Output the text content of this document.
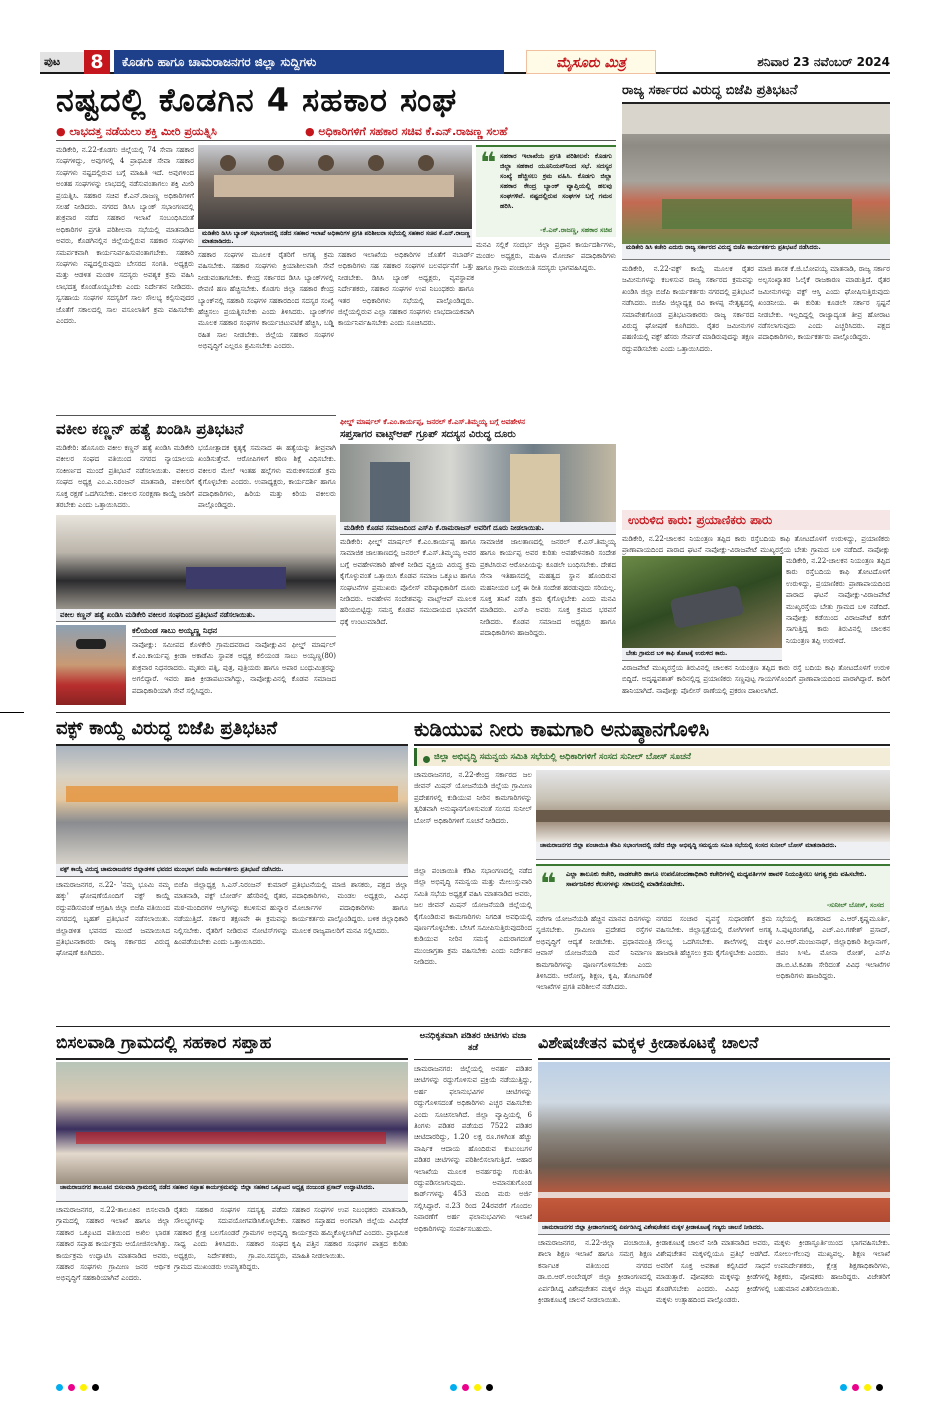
ಪುಟ	8	ಕೊಡಗು ಹಾಗೂ ಚಾಮರಾಜನಗರ ಜಿಲ್ಲಾ ಸುದ್ದಿಗಳು	ಮೈಸೂರು ಮಿತ್ರ	ಶನಿವಾರ 23 ನವೆಂಬರ್ 2024
ನಷ್ಟದಲ್ಲಿ ಕೊಡಗಿನ 4 ಸಹಕಾರ ಸಂಘ
● ಲಾಭದತ್ತ ನಡೆಯಲು ಶಕ್ತಿ ಮೀರಿ ಪ್ರಯತ್ನಿಸಿ	● ಅಧಿಕಾರಿಗಳಿಗೆ ಸಹಕಾರ ಸಚಿವ ಕೆ.ಎನ್.ರಾಜಣ್ಣ ಸಲಹೆ
ಮಡಿಕೇರಿ, ನ.22-ಕೊಡಗು ಜಿಲ್ಲೆಯಲ್ಲಿ 74 ಸೇವಾ ಸಹಕಾರ ಸಂಘಗಳಿದ್ದು, ಅವುಗಳಲ್ಲಿ 4 ಪ್ರಾಥಮಿಕ ಸೇವಾ ಸಹಕಾರ ಸಂಘಗಳು ನಷ್ಟದಲ್ಲಿರುವ ಬಗ್ಗೆ ಮಾಹಿತಿ ಇದೆ. ಅವುಗಳಿಂದ ಅಂತಹ ಸಂಘಗಳನ್ನು ಲಾಭದಲ್ಲಿ ನಡೆಸುವಂತಾಗಲು ಶಕ್ತಿ ಮೀರಿ ಪ್ರಯತ್ನಿಸಿ. ಸಹಕಾರ ಸಚಿವ ಕೆ.ಎನ್.ರಾಜಣ್ಣ ಅಧಿಕಾರಿಗಳಿಗೆ ಸಲಹೆ ನೀಡಿದರು. ನಗರದ ಡಿಸಿಸಿ ಬ್ಯಾಂಕ್ ಸಭಾಂಗಣದಲ್ಲಿ ಶುಕ್ರವಾರ ನಡೆದ ಸಹಕಾರ ಇಲಾಖೆ ಸಂಬಂಧಿಸಿದಂತೆ ಅಧಿಕಾರಿಗಳ ಪ್ರಗತಿ ಪರಿಶೀಲನಾ ಸಭೆಯಲ್ಲಿ ಮಾತನಾಡಿದ ಅವರು, ಕೊಡಗಿನಲ್ಲಿನ ಜಿಲ್ಲೆಯಲ್ಲಿರುವ ಸಹಕಾರ ಸಂಘಗಳು ಸಮರ್ಪಕವಾಗಿ ಕಾರ್ಯನಿರ್ವಹಿಸುವಂತಾಗಬೇಕು. ಸಹಕಾರಿ ಸಂಘಗಳು ನಷ್ಟದಲ್ಲಿರುವುದು ಬೇಸರದ ಸಂಗತಿ. ಅಧ್ಯಕ್ಷರು ಮತ್ತು ಆಡಳಿತ ಮಂಡಳಿ ಸದಸ್ಯರು ಅವಶ್ಯಕ ಕ್ರಮ ವಹಿಸಿ ಲಾಭದತ್ತ ಕೊಂಡೊಯ್ಯಬೇಕು ಎಂದು ನಿರ್ದೇಶನ ನೀಡಿದರು. ಸ್ವಸಹಾಯ ಸಂಘಗಳ ಸದಸ್ಯರಿಗೆ ಸಾಲ ಸೌಲಭ್ಯ ಕಲ್ಪಿಸುವುದರ ಜೊತೆಗೆ ಸಕಾಲದಲ್ಲಿ ಸಾಲ ವಸೂಲಾತಿಗೆ ಕ್ರಮ ವಹಿಸಬೇಕು ಎಂದರು.
ಮಡಿಕೇರಿ ಡಿಸಿಸಿ ಬ್ಯಾಂಕ್ ಸಭಾಂಗಣದಲ್ಲಿ ನಡೆದ ಸಹಕಾರ ಇಲಾಖೆ ಅಧಿಕಾರಿಗಳ ಪ್ರಗತಿ ಪರಿಶೀಲನಾ ಸಭೆಯಲ್ಲಿ ಸಹಕಾರ ಸಚಿವ ಕೆ.ಎನ್.ರಾಜಣ್ಣ ಮಾತನಾಡಿದರು.
❝ ಸಹಕಾರ ಇಲಾಖೆಯ ಪ್ರಗತಿ ಪರಿಶೀಲನೆ: ಕೊಡಗು ಜಿಲ್ಲಾ ಸಹಕಾರ ಯೂನಿಯನ್‌ನಿಂದ ಸಭೆ. ಸದಸ್ಯರ ಸಂಖ್ಯೆ ಹೆಚ್ಚಿಸಲು ಕ್ರಮ ವಹಿಸಿ. ಕೊಡಗು ಜಿಲ್ಲಾ ಸಹಕಾರ ಕೇಂದ್ರ ಬ್ಯಾಂಕ್ ವ್ಯಾಪ್ತಿಯಲ್ಲಿ ಹಲವು ಸಂಘಗಳಿವೆ. ನಷ್ಟದಲ್ಲಿರುವ ಸಂಘಗಳ ಬಗ್ಗೆ ಗಮನ ಹರಿಸಿ.
-ಕೆ.ಎನ್.ರಾಜಣ್ಣ, ಸಹಕಾರ ಸಚಿವ
ಸಹಕಾರ ಸಂಘಗಳ ಮೂಲಕ ರೈತರಿಗೆ ಅಗತ್ಯ ಕ್ರಮ ವಹಿಸಬೇಕು. ಸಹಕಾರ ಸಂಘಗಳು ಕ್ರಿಯಾಶೀಲವಾಗಿ ಸೇವೆ ನೀಡುವಂತಾಗಬೇಕು. ಕೇಂದ್ರ ಸರ್ಕಾರದ ಡಿಸಿಸಿ ಬ್ಯಾಂಕ್‌ಗಳಲ್ಲಿ ಠೇವಣಿ ಹಣ ಹೆಚ್ಚಿಸಬೇಕು. ಕೊಡಗು ಜಿಲ್ಲಾ ಸಹಕಾರ ಕೇಂದ್ರ ಬ್ಯಾಂಕ್‌ನಲ್ಲಿ ಸಹಕಾರಿ ಸಂಘಗಳ ಸಹಕಾರದಿಂದ ಸದಸ್ಯರ ಸಂಖ್ಯೆ ಹೆಚ್ಚಿಸಲು ಪ್ರಯತ್ನಿಸಬೇಕು ಎಂದು ತಿಳಿಸಿದರು. ಬ್ಯಾಂಕ್‌ಗಳ ಮೂಲಕ ಸಹಕಾರ ಸಂಘಗಳ ಕಾರ್ಯಚಟುವಟಿಕೆ ಹೆಚ್ಚಿಸಿ, ಬಡ್ಡಿ ರಹಿತ ಸಾಲ ನೀಡಬೇಕು. ಜಿಲ್ಲೆಯ ಸಹಕಾರ ಸಂಘಗಳ ಅಭಿವೃದ್ಧಿಗೆ ಎಲ್ಲರೂ ಶ್ರಮಿಸಬೇಕು ಎಂದರು.
ಸಹಕಾರ ಇಲಾಖೆಯ ಅಧಿಕಾರಿಗಳ ಜೊತೆಗೆ ನಬಾರ್ಡ್ ಅಧಿಕಾರಿಗಳು ಸಹ ಸಹಕಾರ ಸಂಘಗಳ ಬಲವರ್ಧನೆಗೆ ಒತ್ತು ನೀಡಬೇಕು. ಡಿಸಿಸಿ ಬ್ಯಾಂಕ್ ಅಧ್ಯಕ್ಷರು, ವ್ಯವಸ್ಥಾಪಕ ನಿರ್ದೇಶಕರು, ಸಹಕಾರ ಸಂಘಗಳ ಉಪ ನಿಬಂಧಕರು ಹಾಗೂ ಇತರ ಅಧಿಕಾರಿಗಳು ಸಭೆಯಲ್ಲಿ ಪಾಲ್ಗೊಂಡಿದ್ದರು. ಜಿಲ್ಲೆಯಲ್ಲಿರುವ ಎಲ್ಲಾ ಸಹಕಾರ ಸಂಘಗಳು ಲಾಭದಾಯಕವಾಗಿ ಕಾರ್ಯನಿರ್ವಹಿಸಬೇಕು ಎಂದು ಸೂಚಿಸಿದರು.
ಮನವಿ ಸಲ್ಲಿಕೆ ಸಂದರ್ಭ ಜಿಲ್ಲಾ ಪ್ರಧಾನ ಕಾರ್ಯದರ್ಶಿಗಳು, ಮಂಡಲ ಅಧ್ಯಕ್ಷರು, ಮಹಿಳಾ ಮೋರ್ಚಾ ಪದಾಧಿಕಾರಿಗಳು ಹಾಗೂ ಗ್ರಾಮ ಪಂಚಾಯಿತಿ ಸದಸ್ಯರು ಭಾಗವಹಿಸಿದ್ದರು.
ರಾಜ್ಯ ಸರ್ಕಾರದ ವಿರುದ್ಧ ಬಿಜೆಪಿ ಪ್ರತಿಭಟನೆ
ಮಡಿಕೇರಿ ಡಿಸಿ ಕಚೇರಿ ಎದುರು ರಾಜ್ಯ ಸರ್ಕಾರದ ವಿರುದ್ಧ ಬಿಜೆಪಿ ಕಾರ್ಯಕರ್ತರು ಪ್ರತಿಭಟನೆ ನಡೆಸಿದರು.
ಮಡಿಕೇರಿ, ನ.22-ವಕ್ಫ್ ಕಾಯ್ದೆ ಮೂಲಕ ರೈತರ ಜಮೀನುಗಳನ್ನು ಕಬಳಿಸುವ ರಾಜ್ಯ ಸರ್ಕಾರದ ಕ್ರಮವನ್ನು ಖಂಡಿಸಿ ಜಿಲ್ಲಾ ಬಿಜೆಪಿ ಕಾರ್ಯಕರ್ತರು ನಗರದಲ್ಲಿ ಪ್ರತಿಭಟನೆ ನಡೆಸಿದರು. ಬಿಜೆಪಿ ಜಿಲ್ಲಾಧ್ಯಕ್ಷ ರವಿ ಕಾಳಪ್ಪ ನೇತೃತ್ವದಲ್ಲಿ ಸಮಾವೇಶಗೊಂಡ ಪ್ರತಿಭಟನಾಕಾರರು ರಾಜ್ಯ ಸರ್ಕಾರದ ವಿರುದ್ಧ ಘೋಷಣೆ ಕೂಗಿದರು. ರೈತರ ಜಮೀನುಗಳ ಪಹಣಿಯಲ್ಲಿ ವಕ್ಫ್ ಹೆಸರು ಸೇರ್ಪಡೆ ಮಾಡಿರುವುದನ್ನು ತಕ್ಷಣ ರದ್ದುಪಡಿಸಬೇಕು ಎಂದು ಒತ್ತಾಯಿಸಿದರು.
ಮಾಜಿ ಶಾಸಕ ಕೆ.ಜಿ.ಬೋಪಯ್ಯ ಮಾತನಾಡಿ, ರಾಜ್ಯ ಸರ್ಕಾರ ಅಲ್ಪಸಂಖ್ಯಾತರ ಓಲೈಕೆ ರಾಜಕಾರಣ ಮಾಡುತ್ತಿದೆ. ರೈತರ ಜಮೀನುಗಳನ್ನು ವಕ್ಫ್ ಆಸ್ತಿ ಎಂದು ಘೋಷಿಸುತ್ತಿರುವುದು ಖಂಡನೀಯ. ಈ ಕುರಿತು ಕೂಡಲೇ ಸರ್ಕಾರ ಸ್ಪಷ್ಟನೆ ನೀಡಬೇಕು. ಇಲ್ಲದಿದ್ದಲ್ಲಿ ರಾಜ್ಯಾದ್ಯಂತ ತೀವ್ರ ಹೋರಾಟ ನಡೆಸಲಾಗುವುದು ಎಂದು ಎಚ್ಚರಿಸಿದರು. ಪಕ್ಷದ ಪದಾಧಿಕಾರಿಗಳು, ಕಾರ್ಯಕರ್ತರು ಪಾಲ್ಗೊಂಡಿದ್ದರು.
ವಕೀಲ ಕಣ್ಣನ್ ಹತ್ಯೆ ಖಂಡಿಸಿ ಪ್ರತಿಭಟನೆ
ಮಡಿಕೇರಿ: ಹೊಸೂರು ವಕೀಲ ಕಣ್ಣನ್ ಹತ್ಯೆ ಖಂಡಿಸಿ ಮಡಿಕೇರಿ ವಕೀಲರ ಸಂಘದ ವತಿಯಿಂದ ನಗರದ ನ್ಯಾಯಾಲಯ ಸಂಕೀರ್ಣದ ಮುಂದೆ ಪ್ರತಿಭಟನೆ ನಡೆಸಲಾಯಿತು. ವಕೀಲರ ಸಂಘದ ಅಧ್ಯಕ್ಷ ಎಂ.ಎ.ನಿರಂಜನ್ ಮಾತನಾಡಿ, ವಕೀಲರಿಗೆ ಸೂಕ್ತ ರಕ್ಷಣೆ ಒದಗಿಸಬೇಕು. ವಕೀಲರ ಸಂರಕ್ಷಣಾ ಕಾಯ್ದೆ ಜಾರಿಗೆ ತರಬೇಕು ಎಂದು ಒತ್ತಾಯಿಸಿದರು.
ಭಯೋತ್ಪಾದಕ ಕೃತ್ಯಕ್ಕೆ ಸಮನಾದ ಈ ಹತ್ಯೆಯನ್ನು ತೀವ್ರವಾಗಿ ಖಂಡಿಸುತ್ತೇವೆ. ಆರೋಪಿಗಳಿಗೆ ಕಠಿಣ ಶಿಕ್ಷೆ ವಿಧಿಸಬೇಕು. ವಕೀಲರ ಮೇಲೆ ಇಂತಹ ಹಲ್ಲೆಗಳು ಮರುಕಳಿಸದಂತೆ ಕ್ರಮ ಕೈಗೊಳ್ಳಬೇಕು ಎಂದರು. ಉಪಾಧ್ಯಕ್ಷರು, ಕಾರ್ಯದರ್ಶಿ ಹಾಗೂ ಪದಾಧಿಕಾರಿಗಳು, ಹಿರಿಯ ಮತ್ತು ಕಿರಿಯ ವಕೀಲರು ಪಾಲ್ಗೊಂಡಿದ್ದರು.
ವಕೀಲ ಕಣ್ಣನ್ ಹತ್ಯೆ ಖಂಡಿಸಿ ಮಡಿಕೇರಿ ವಕೀಲರ ಸಂಘದಿಂದ ಪ್ರತಿಭಟನೆ ನಡೆಸಲಾಯಿತು.
ಕಲಿಯಂಡ ಸಾಬು ಅಯ್ಯಣ್ಣ ನಿಧನ
ನಾಪೋಕ್ಲು: ಸಮೀಪದ ಕೊಳಕೇರಿ ಗ್ರಾಮದವರಾದ ನಾಪೋಕ್ಲುವಿನ ಫೀಲ್ಡ್ ಮಾರ್ಷಲ್ ಕೆ.ಎಂ.ಕಾರ್ಯಪ್ಪ ಕ್ರೀಡಾ ಅಕಾಡೆಮಿ ಸ್ಥಾಪಕ ಅಧ್ಯಕ್ಷ ಕಲಿಯಂಡ ಸಾಬು ಅಯ್ಯಣ್ಣ(80) ಶುಕ್ರವಾರ ನಿಧನರಾದರು. ಮೃತರು ಪತ್ನಿ, ಪುತ್ರ, ಪುತ್ರಿಯರು ಹಾಗೂ ಅಪಾರ ಬಂಧುಮಿತ್ರರನ್ನು ಅಗಲಿದ್ದಾರೆ. ಇವರು ಹಾಕಿ ಕ್ರೀಡಾಪಟುವಾಗಿದ್ದು, ನಾಪೋಕ್ಲುವಿನಲ್ಲಿ ಕೊಡವ ಸಮಾಜದ ಪದಾಧಿಕಾರಿಯಾಗಿ ಸೇವೆ ಸಲ್ಲಿಸಿದ್ದರು.
ಫೀಲ್ಡ್ ಮಾರ್ಷಲ್ ಕೆ.ಎಂ.ಕಾರ್ಯಪ್ಪ, ಜನರಲ್ ಕೆ.ಎಸ್.ತಿಮ್ಮಯ್ಯ ಬಗ್ಗೆ ಅವಹೇಳನ
ಸಪ್ತಸಾಗರ ವಾಟ್ಸ್‌ಆಪ್ ಗ್ರೂಪ್ ಸದಸ್ಯನ ವಿರುದ್ಧ ದೂರು
ಮಡಿಕೇರಿ ಕೊಡವ ಸಮಾಜದಿಂದ ಎಸ್‌ಪಿ ಕೆ.ರಾಮರಾಜನ್ ಅವರಿಗೆ ದೂರು ನೀಡಲಾಯಿತು.
ಮಡಿಕೇರಿ: ಫೀಲ್ಡ್ ಮಾರ್ಷಲ್ ಕೆ.ಎಂ.ಕಾರ್ಯಪ್ಪ ಹಾಗೂ ಸಾಮಾಜಿಕ ಜಾಲತಾಣದಲ್ಲಿ ಜನರಲ್ ಕೆ.ಎಸ್.ತಿಮ್ಮಯ್ಯ ಅವರ ಬಗ್ಗೆ ಅವಹೇಳನಕಾರಿ ಹೇಳಿಕೆ ನೀಡಿದ ವ್ಯಕ್ತಿಯ ವಿರುದ್ಧ ಕ್ರಮ ಕೈಗೊಳ್ಳುವಂತೆ ಒತ್ತಾಯಿಸಿ ಕೊಡವ ಸಮಾಜ ಒಕ್ಕೂಟ ಹಾಗೂ ಸಂಘಟನೆಗಳ ಪ್ರಮುಖರು ಪೊಲೀಸ್ ವರಿಷ್ಠಾಧಿಕಾರಿಗೆ ದೂರು ನೀಡಿದರು. ಅವಹೇಳನ ಸಂದೇಶವನ್ನು ವಾಟ್ಸ್‌ಆಪ್ ಮೂಲಕ ಹರಿಯಬಿಟ್ಟಿದ್ದು ಸಮಸ್ತ ಕೊಡವ ಸಮುದಾಯದ ಭಾವನೆಗೆ ಧಕ್ಕೆ ಉಂಟುಮಾಡಿದೆ.
ಸಾಮಾಜಿಕ ಜಾಲತಾಣದಲ್ಲಿ ಜನರಲ್ ಕೆ.ಎಸ್.ತಿಮ್ಮಯ್ಯ ಹಾಗೂ ಕಾರ್ಯಪ್ಪ ಅವರ ಕುರಿತು ಅವಹೇಳನಕಾರಿ ಸಂದೇಶ ಪ್ರಕಟಿಸಿರುವ ಆರೋಪಿಯನ್ನು ಕೂಡಲೇ ಬಂಧಿಸಬೇಕು. ದೇಶದ ಸೇನಾ ಇತಿಹಾಸದಲ್ಲಿ ಮಹತ್ವದ ಸ್ಥಾನ ಹೊಂದಿರುವ ಮಹನೀಯರ ಬಗ್ಗೆ ಈ ರೀತಿ ಸಂದೇಶ ಹರಡುವುದು ಸರಿಯಲ್ಲ. ಸೂಕ್ತ ತನಿಖೆ ನಡೆಸಿ ಕ್ರಮ ಕೈಗೊಳ್ಳಬೇಕು ಎಂದು ಮನವಿ ಮಾಡಿದರು. ಎಸ್‌ಪಿ ಅವರು ಸೂಕ್ತ ಕ್ರಮದ ಭರವಸೆ ನೀಡಿದರು. ಕೊಡವ ಸಮಾಜದ ಅಧ್ಯಕ್ಷರು ಹಾಗೂ ಪದಾಧಿಕಾರಿಗಳು ಹಾಜರಿದ್ದರು.
ಉರುಳಿದ ಕಾರು: ಪ್ರಯಾಣಿಕರು ಪಾರು
ಮಡಿಕೇರಿ, ನ.22-ಚಾಲಕನ ನಿಯಂತ್ರಣ ತಪ್ಪಿದ ಕಾರು ರಸ್ತೆಬದಿಯ ಕಾಫಿ ತೋಟದೊಳಗೆ ಉರುಳಿದ್ದು, ಪ್ರಯಾಣಿಕರು ಪ್ರಾಣಾಪಾಯದಿಂದ ಪಾರಾದ ಘಟನೆ ನಾಪೋಕ್ಲು-ವಿರಾಜಪೇಟೆ ಮುಖ್ಯರಸ್ತೆಯ ಬೇತು ಗ್ರಾಮದ ಬಳಿ ನಡೆದಿದೆ. ನಾಪೋಕ್ಲು
ಬೇತು ಗ್ರಾಮದ ಬಳಿ ಕಾಫಿ ತೋಟಕ್ಕೆ ಉರುಳಿದ ಕಾರು.
ಮಡಿಕೇರಿ, ನ.22-ಚಾಲಕನ ನಿಯಂತ್ರಣ ತಪ್ಪಿದ ಕಾರು ರಸ್ತೆಬದಿಯ ಕಾಫಿ ತೋಟದೊಳಗೆ ಉರುಳಿದ್ದು, ಪ್ರಯಾಣಿಕರು ಪ್ರಾಣಾಪಾಯದಿಂದ ಪಾರಾದ ಘಟನೆ ನಾಪೋಕ್ಲು-ವಿರಾಜಪೇಟೆ ಮುಖ್ಯರಸ್ತೆಯ ಬೇತು ಗ್ರಾಮದ ಬಳಿ ನಡೆದಿದೆ. ನಾಪೋಕ್ಲು ಕಡೆಯಿಂದ ವಿರಾಜಪೇಟೆ ಕಡೆಗೆ ಸಾಗುತ್ತಿದ್ದ ಕಾರು ತಿರುವಿನಲ್ಲಿ ಚಾಲಕನ ನಿಯಂತ್ರಣ ತಪ್ಪಿ ಉರುಳಿದೆ.
ವಿರಾಜಪೇಟೆ ಮುಖ್ಯರಸ್ತೆಯ ತಿರುವಿನಲ್ಲಿ ಚಾಲಕನ ನಿಯಂತ್ರಣ ತಪ್ಪಿದ ಕಾರು ರಸ್ತೆ ಬದಿಯ ಕಾಫಿ ತೋಟದೊಳಗೆ ಉರುಳಿ ಬಿದ್ದಿದೆ. ಅದೃಷ್ಟವಶಾತ್ ಕಾರಿನಲ್ಲಿದ್ದ ಪ್ರಯಾಣಿಕರು ಸಣ್ಣಪುಟ್ಟ ಗಾಯಗಳೊಂದಿಗೆ ಪ್ರಾಣಾಪಾಯದಿಂದ ಪಾರಾಗಿದ್ದಾರೆ. ಕಾರಿಗೆ ಹಾನಿಯಾಗಿದೆ. ನಾಪೋಕ್ಲು ಪೊಲೀಸ್ ಠಾಣೆಯಲ್ಲಿ ಪ್ರಕರಣ ದಾಖಲಾಗಿದೆ.
ವಕ್ಫ್ ಕಾಯ್ದೆ ವಿರುದ್ಧ ಬಿಜೆಪಿ ಪ್ರತಿಭಟನೆ
ವಕ್ಫ್ ಕಾಯ್ದೆ ವಿರುದ್ಧ ಚಾಮರಾಜನಗರ ಜಿಲ್ಲಾಡಳಿತ ಭವನದ ಮುಂಭಾಗ ಬಿಜೆಪಿ ಕಾರ್ಯಕರ್ತರು ಪ್ರತಿಭಟನೆ ನಡೆಸಿದರು.
ಚಾಮರಾಜನಗರ, ನ.22- 'ನಮ್ಮ ಭೂಮಿ ನಮ್ಮ ಹಕ್ಕು' ಘೋಷಣೆಯೊಂದಿಗೆ ವಕ್ಫ್ ಕಾಯ್ದೆ ರದ್ದುಪಡಿಸುವಂತೆ ಆಗ್ರಹಿಸಿ ಜಿಲ್ಲಾ ಬಿಜೆಪಿ ವತಿಯಿಂದ ನಗರದಲ್ಲಿ ಬೃಹತ್ ಪ್ರತಿಭಟನೆ ನಡೆಸಲಾಯಿತು. ಜಿಲ್ಲಾಡಳಿತ ಭವನದ ಮುಂದೆ ಜಮಾಯಿಸಿದ ಪ್ರತಿಭಟನಾಕಾರರು ರಾಜ್ಯ ಸರ್ಕಾರದ ವಿರುದ್ಧ ಘೋಷಣೆ ಕೂಗಿದರು.
ಬಿಜೆಪಿ ಜಿಲ್ಲಾಧ್ಯಕ್ಷ ಸಿ.ಎಸ್.ನಿರಂಜನ್ ಕುಮಾರ್ ಮಾತನಾಡಿ, ವಕ್ಫ್ ಬೋರ್ಡ್ ಹೆಸರಿನಲ್ಲಿ ರೈತರ, ಮಠ-ಮಂದಿರಗಳ ಆಸ್ತಿಗಳನ್ನು ಕಬಳಿಸುವ ಹುನ್ನಾರ ನಡೆಯುತ್ತಿದೆ. ಸರ್ಕಾರ ತಕ್ಷಣವೇ ಈ ಕ್ರಮವನ್ನು ನಿಲ್ಲಿಸಬೇಕು. ರೈತರಿಗೆ ನೀಡಿರುವ ನೋಟಿಸ್‌ಗಳನ್ನು ಹಿಂಪಡೆಯಬೇಕು ಎಂದು ಒತ್ತಾಯಿಸಿದರು.
ಪ್ರತಿಭಟನೆಯಲ್ಲಿ ಮಾಜಿ ಶಾಸಕರು, ಪಕ್ಷದ ಜಿಲ್ಲಾ ಪದಾಧಿಕಾರಿಗಳು, ಮಂಡಲ ಅಧ್ಯಕ್ಷರು, ವಿವಿಧ ಮೋರ್ಚಾಗಳ ಪದಾಧಿಕಾರಿಗಳು ಹಾಗೂ ಕಾರ್ಯಕರ್ತರು ಪಾಲ್ಗೊಂಡಿದ್ದರು. ಬಳಿಕ ಜಿಲ್ಲಾಧಿಕಾರಿ ಮೂಲಕ ರಾಜ್ಯಪಾಲರಿಗೆ ಮನವಿ ಸಲ್ಲಿಸಿದರು.
ಕುಡಿಯುವ ನೀರು ಕಾಮಗಾರಿ ಅನುಷ್ಠಾನಗೊಳಿಸಿ
$^{ಜಿಲ್ಲಾ ಅಭಿವೃದ್ಧಿ ಸಮನ್ವಯ ಸಮಿತಿ ಸಭೆಯಲ್ಲಿ ಅಧಿಕಾರಿಗಳಿಗೆ ಸಂಸದ ಸುನೀಲ್ ಬೋಸ್ ಸೂಚನೆ}$
ಚಾಮರಾಜನಗರ, ನ.22-ಕೇಂದ್ರ ಸರ್ಕಾರದ ಜಲ ಜೀವನ್ ಮಿಷನ್ ಯೋಜನೆಯಡಿ ಜಿಲ್ಲೆಯ ಗ್ರಾಮೀಣ ಪ್ರದೇಶಗಳಲ್ಲಿ ಕುಡಿಯುವ ನೀರಿನ ಕಾಮಗಾರಿಗಳನ್ನು ತ್ವರಿತವಾಗಿ ಅನುಷ್ಠಾನಗೊಳಿಸುವಂತೆ ಸಂಸದ ಸುನೀಲ್ ಬೋಸ್ ಅಧಿಕಾರಿಗಳಿಗೆ ಸೂಚನೆ ನೀಡಿದರು.
ಚಾಮರಾಜನಗರ ಜಿಲ್ಲಾ ಪಂಚಾಯಿತಿ ಕೆಡಿಪಿ ಸಭಾಂಗಣದಲ್ಲಿ ನಡೆದ ಜಿಲ್ಲಾ ಅಭಿವೃದ್ಧಿ ಸಮನ್ವಯ ಸಮಿತಿ ಸಭೆಯಲ್ಲಿ ಸಂಸದ ಸುನೀಲ್ ಬೋಸ್ ಮಾತನಾಡಿದರು.
❝ ಎಲ್ಲಾ ತಾಲೂಕು ಕಚೇರಿ, ನಾಡಕಚೇರಿ ಹಾಗೂ ಉಪನೋಂದಣಾಧಿಕಾರಿ ಕಚೇರಿಗಳಲ್ಲಿ ಮಧ್ಯವರ್ತಿಗಳ ಹಾವಳಿ ನಿಯಂತ್ರಿಸಲು ಅಗತ್ಯ ಕ್ರಮ ವಹಿಸಬೇಕು. ಸಾರ್ವಜನಿಕರ ಕೆಲಸಗಳನ್ನು ಸಕಾಲದಲ್ಲಿ ಮಾಡಿಕೊಡಬೇಕು.
-ಸುನೀಲ್ ಬೋಸ್, ಸಂಸದ
ಜಿಲ್ಲಾ ಪಂಚಾಯಿತಿ ಕೆಡಿಪಿ ಸಭಾಂಗಣದಲ್ಲಿ ನಡೆದ ಜಿಲ್ಲಾ ಅಭಿವೃದ್ಧಿ ಸಮನ್ವಯ ಮತ್ತು ಮೇಲುಸ್ತುವಾರಿ ಸಮಿತಿ ಸಭೆಯ ಅಧ್ಯಕ್ಷತೆ ವಹಿಸಿ ಮಾತನಾಡಿದ ಅವರು, ಜಲ ಜೀವನ್ ಮಿಷನ್ ಯೋಜನೆಯಡಿ ಜಿಲ್ಲೆಯಲ್ಲಿ ಕೈಗೊಂಡಿರುವ ಕಾಮಗಾರಿಗಳು ನಿಗದಿತ ಅವಧಿಯಲ್ಲಿ ಪೂರ್ಣಗೊಳ್ಳಬೇಕು. ಬೇಸಿಗೆ ಸಮೀಪಿಸುತ್ತಿರುವುದರಿಂದ ಕುಡಿಯುವ ನೀರಿನ ಸಮಸ್ಯೆ ಎದುರಾಗದಂತೆ ಮುಂಜಾಗ್ರತಾ ಕ್ರಮ ವಹಿಸಬೇಕು ಎಂದು ನಿರ್ದೇಶನ ನೀಡಿದರು.
ನರೇಗಾ ಯೋಜನೆಯಡಿ ಹೆಚ್ಚಿನ ಮಾನವ ದಿನಗಳನ್ನು ಸೃಜಿಸಬೇಕು. ಗ್ರಾಮೀಣ ಪ್ರದೇಶದ ರಸ್ತೆಗಳ ಅಭಿವೃದ್ಧಿಗೆ ಆದ್ಯತೆ ನೀಡಬೇಕು. ಪ್ರಧಾನಮಂತ್ರಿ ಆವಾಸ್ ಯೋಜನೆಯಡಿ ಮನೆ ನಿರ್ಮಾಣ ಕಾಮಗಾರಿಗಳನ್ನು ಪೂರ್ಣಗೊಳಿಸಬೇಕು ಎಂದು ತಿಳಿಸಿದರು. ಆರೋಗ್ಯ, ಶಿಕ್ಷಣ, ಕೃಷಿ, ತೋಟಗಾರಿಕೆ ಇಲಾಖೆಗಳ ಪ್ರಗತಿ ಪರಿಶೀಲನೆ ನಡೆಸಿದರು.
ನಗರದ ಸಂಚಾರ ವ್ಯವಸ್ಥೆ ಸುಧಾರಣೆಗೆ ಕ್ರಮ ವಹಿಸಬೇಕು. ಜಿಲ್ಲಾಸ್ಪತ್ರೆಯಲ್ಲಿ ರೋಗಿಗಳಿಗೆ ಅಗತ್ಯ ಸೌಲಭ್ಯ ಒದಗಿಸಬೇಕು. ಶಾಲೆಗಳಲ್ಲಿ ಮಕ್ಕಳ ಹಾಜರಾತಿ ಹೆಚ್ಚಿಸಲು ಕ್ರಮ ಕೈಗೊಳ್ಳಬೇಕು ಎಂದರು.
ಸಭೆಯಲ್ಲಿ ಶಾಸಕರಾದ ಎ.ಆರ್.ಕೃಷ್ಣಮೂರ್ತಿ, ಸಿ.ಪುಟ್ಟರಂಗಶೆಟ್ಟಿ, ಎಚ್.ಎಂ.ಗಣೇಶ್ ಪ್ರಸಾದ್, ಎಂ.ಆರ್.ಮಂಜುನಾಥ್, ಜಿಲ್ಲಾಧಿಕಾರಿ ಶಿಲ್ಪಾನಾಗ್, ಜಿಪಂ ಸಿಇಓ ಮೋನಾ ರೋತ್, ಎಸ್‌ಪಿ ಡಾ.ಬಿ.ಟಿ.ಕವಿತಾ ಸೇರಿದಂತೆ ವಿವಿಧ ಇಲಾಖೆಗಳ ಅಧಿಕಾರಿಗಳು ಹಾಜರಿದ್ದರು.
ಬಿಸಲವಾಡಿ ಗ್ರಾಮದಲ್ಲಿ ಸಹಕಾರ ಸಪ್ತಾಹ
ಚಾಮರಾಜನಗರ ತಾಲೂಕಿನ ಬಿಸಲವಾಡಿ ಗ್ರಾಮದಲ್ಲಿ ನಡೆದ ಸಹಕಾರ ಸಪ್ತಾಹ ಕಾರ್ಯಕ್ರಮವನ್ನು ಜಿಲ್ಲಾ ಸಹಕಾರ ಒಕ್ಕೂಟದ ಅಧ್ಯಕ್ಷ ನಂಜುಂಡ ಪ್ರಸಾದ್ ಉದ್ಘಾಟಿಸಿದರು.
ಚಾಮರಾಜನಗರ, ನ.22-ತಾಲೂಕಿನ ಬಿಸಲವಾಡಿ ಗ್ರಾಮದಲ್ಲಿ ಸಹಕಾರ ಇಲಾಖೆ ಹಾಗೂ ಜಿಲ್ಲಾ ಸಹಕಾರ ಒಕ್ಕೂಟದ ವತಿಯಿಂದ ಅಖಿಲ ಭಾರತ ಸಹಕಾರ ಸಪ್ತಾಹ ಕಾರ್ಯಕ್ರಮ ಆಯೋಜಿಸಲಾಗಿತ್ತು. ಕಾರ್ಯಕ್ರಮ ಉದ್ಘಾಟಿಸಿ ಮಾತನಾಡಿದ ಅವರು, ಸಹಕಾರ ಸಂಘಗಳು ಗ್ರಾಮೀಣ ಜನರ ಆರ್ಥಿಕ ಅಭಿವೃದ್ಧಿಗೆ ಸಹಕಾರಿಯಾಗಿವೆ ಎಂದರು.
ರೈತರು ಸಹಕಾರ ಸಂಘಗಳ ಸದಸ್ಯತ್ವ ಪಡೆದು ಸೌಲಭ್ಯಗಳನ್ನು ಸದುಪಯೋಗಪಡಿಸಿಕೊಳ್ಳಬೇಕು. ಸಹಕಾರ ಕ್ಷೇತ್ರ ಬಲಗೊಂಡರೆ ಗ್ರಾಮಗಳ ಅಭಿವೃದ್ಧಿ ಸಾಧ್ಯ ಎಂದು ತಿಳಿಸಿದರು. ಸಹಕಾರ ಸಂಘದ ಅಧ್ಯಕ್ಷರು, ನಿರ್ದೇಶಕರು, ಗ್ರಾ.ಪಂ.ಸದಸ್ಯರು, ಗ್ರಾಮದ ಮುಖಂಡರು ಉಪಸ್ಥಿತರಿದ್ದರು.
ಸಹಕಾರ ಸಂಘಗಳ ಉಪ ನಿಬಂಧಕರು ಮಾತನಾಡಿ, ಸಹಕಾರ ಸಪ್ತಾಹದ ಅಂಗವಾಗಿ ಜಿಲ್ಲೆಯ ವಿವಿಧೆಡೆ ಕಾರ್ಯಕ್ರಮ ಹಮ್ಮಿಕೊಳ್ಳಲಾಗಿದೆ ಎಂದರು. ಪ್ರಾಥಮಿಕ ಕೃಷಿ ಪತ್ತಿನ ಸಹಕಾರ ಸಂಘಗಳ ಪಾತ್ರದ ಕುರಿತು ಮಾಹಿತಿ ನೀಡಲಾಯಿತು.
ಅನಧಿಕೃತವಾಗಿ ಪಡಿತರ ಚೀಟಿಗಳು ವಜಾ ತಡೆ
ಚಾಮರಾಜನಗರ: ಜಿಲ್ಲೆಯಲ್ಲಿ ಅನರ್ಹ ಪಡಿತರ ಚೀಟಿಗಳನ್ನು ರದ್ದುಗೊಳಿಸುವ ಪ್ರಕ್ರಿಯೆ ನಡೆಯುತ್ತಿದ್ದು, ಅರ್ಹ ಫಲಾನುಭವಿಗಳ ಚೀಟಿಗಳನ್ನು ರದ್ದುಗೊಳಿಸದಂತೆ ಅಧಿಕಾರಿಗಳು ಎಚ್ಚರ ವಹಿಸಬೇಕು ಎಂದು ಸೂಚಿಸಲಾಗಿದೆ. ಜಿಲ್ಲಾ ವ್ಯಾಪ್ತಿಯಲ್ಲಿ 6 ತಿಂಗಳು ಪಡಿತರ ಪಡೆಯದ 7522 ಪಡಿತರ ಚೀಟಿದಾರರಿದ್ದು, 1.20 ಲಕ್ಷ ರೂ.ಗಳಿಗಿಂತ ಹೆಚ್ಚು ವಾರ್ಷಿಕ ಆದಾಯ ಹೊಂದಿರುವ ಕುಟುಂಬಗಳ ಪಡಿತರ ಚೀಟಿಗಳನ್ನು ಪರಿಶೀಲಿಸಲಾಗುತ್ತಿದೆ. ಆಹಾರ ಇಲಾಖೆಯ ಮೂಲಕ ಅನರ್ಹರನ್ನು ಗುರುತಿಸಿ ರದ್ದುಪಡಿಸಲಾಗುವುದು. ಅಮಾನತುಗೊಂಡ ಕಾರ್ಡ್‌ಗಳನ್ನು 453 ಮಂದಿ ಮರು ಅರ್ಜಿ ಸಲ್ಲಿಸಿದ್ದಾರೆ. ನ.23 ರಿಂದ 24ರವರೆಗೆ ಗೊಂದಲ ನಿವಾರಣೆಗೆ ಅರ್ಹ ಫಲಾನುಭವಿಗಳು ಇಲಾಖೆ ಅಧಿಕಾರಿಗಳನ್ನು ಸಂಪರ್ಕಿಸಬಹುದು.
ವಿಶೇಷಚೇತನ ಮಕ್ಕಳ ಕ್ರೀಡಾಕೂಟಕ್ಕೆ ಚಾಲನೆ
ಚಾಮರಾಜನಗರ ಜಿಲ್ಲಾ ಕ್ರೀಡಾಂಗಣದಲ್ಲಿ ಏರ್ಪಡಿಸಿದ್ದ ವಿಶೇಷಚೇತನ ಮಕ್ಕಳ ಕ್ರೀಡಾಕೂಟಕ್ಕೆ ಗಣ್ಯರು ಚಾಲನೆ ನೀಡಿದರು.
ಚಾಮರಾಜನಗರ, ನ.22-ಜಿಲ್ಲಾ ಪಂಚಾಯಿತಿ, ಶಾಲಾ ಶಿಕ್ಷಣ ಇಲಾಖೆ ಹಾಗೂ ಸಮಗ್ರ ಶಿಕ್ಷಣ ಕರ್ನಾಟಕ ವತಿಯಿಂದ ನಗರದ ಡಾ.ಬಿ.ಆರ್.ಅಂಬೇಡ್ಕರ್ ಜಿಲ್ಲಾ ಕ್ರೀಡಾಂಗಣದಲ್ಲಿ ಏರ್ಪಡಿಸಿದ್ದ ವಿಶೇಷಚೇತನ ಮಕ್ಕಳ ಜಿಲ್ಲಾ ಮಟ್ಟದ ಕ್ರೀಡಾಕೂಟಕ್ಕೆ ಚಾಲನೆ ನೀಡಲಾಯಿತು.
ಕ್ರೀಡಾಕೂಟಕ್ಕೆ ಚಾಲನೆ ನೀಡಿ ಮಾತನಾಡಿದ ಅವರು, ವಿಶೇಷಚೇತನ ಮಕ್ಕಳಲ್ಲಿಯೂ ಪ್ರತಿಭೆ ಅಡಗಿದೆ. ಅವರಿಗೆ ಸೂಕ್ತ ಅವಕಾಶ ಕಲ್ಪಿಸಿದರೆ ಸಾಧನೆ ಮಾಡುತ್ತಾರೆ. ಪೋಷಕರು ಮಕ್ಕಳನ್ನು ಕ್ರೀಡೆಗಳಲ್ಲಿ ತೊಡಗಿಸಬೇಕು ಎಂದರು. ವಿವಿಧ ಕ್ರೀಡೆಗಳಲ್ಲಿ ಮಕ್ಕಳು ಉತ್ಸಾಹದಿಂದ ಪಾಲ್ಗೊಂಡರು.
ಮಕ್ಕಳು ಕ್ರೀಡಾಸ್ಫೂರ್ತಿಯಿಂದ ಭಾಗವಹಿಸಬೇಕು. ಸೋಲು-ಗೆಲುವು ಮುಖ್ಯವಲ್ಲ. ಶಿಕ್ಷಣ ಇಲಾಖೆ ಉಪನಿರ್ದೇಶಕರು, ಕ್ಷೇತ್ರ ಶಿಕ್ಷಣಾಧಿಕಾರಿಗಳು, ಶಿಕ್ಷಕರು, ಪೋಷಕರು ಹಾಜರಿದ್ದರು. ವಿಜೇತರಿಗೆ ಬಹುಮಾನ ವಿತರಿಸಲಾಯಿತು.
